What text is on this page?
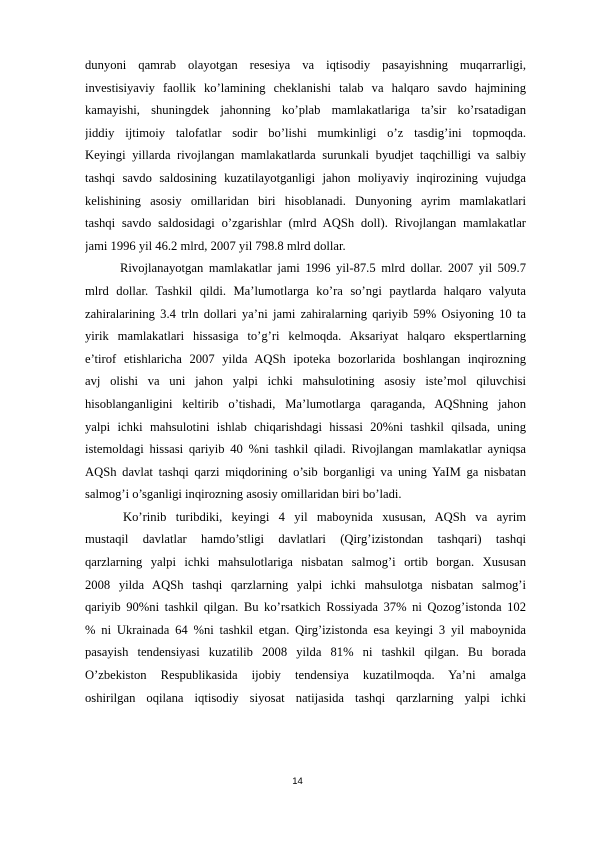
dunyoni qamrab olayotgan resesiya va iqtisodiy pasayishning muqarrarligi,
investisiyaviy faollik ko’lamining cheklanishi talab va halqaro savdo hajmining
kamayishi, shuningdek jahonning ko’plab mamlakatlariga ta’sir ko’rsatadigan
jiddiy ijtimoiy talofatlar sodir bo’lishi mumkinligi o’z tasdig’ini topmoqda.
Keyingi yillarda rivojlangan mamlakatlarda surunkali byudjet taqchilligi va salbiy
tashqi savdo saldosining kuzatilayotganligi jahon moliyaviy inqirozining vujudga
kelishining asosiy omillaridan biri hisoblanadi. Dunyoning ayrim mamlakatlari
tashqi savdo saldosidagi o’zgarishlar (mlrd AQSh doll). Rivojlangan mamlakatlar
jami 1996 yil 46.2 mlrd, 2007 yil 798.8 mlrd dollar.
Rivojlanayotgan mamlakatlar jami 1996 yil-87.5 mlrd dollar. 2007 yil 509.7
mlrd dollar. Tashkil qildi. Ma’lumotlarga ko’ra so’ngi paytlarda halqaro valyuta
zahiralarining 3.4 trln dollari ya’ni jami zahiralarning qariyib 59% Osiyoning 10 ta
yirik mamlakatlari hissasiga to’g’ri kelmoqda. Aksariyat halqaro ekspertlarning
e’tirof etishlaricha 2007 yilda AQSh ipoteka bozorlarida boshlangan inqirozning
avj olishi va uni jahon yalpi ichki mahsulotining asosiy iste’mol qiluvchisi
hisoblanganligini keltirib o’tishadi, Ma’lumotlarga qaraganda, AQShning jahon
yalpi ichki mahsulotini ishlab chiqarishdagi hissasi 20%ni tashkil qilsada, uning
istemoldagi hissasi qariyib 40 %ni tashkil qiladi. Rivojlangan mamlakatlar ayniqsa
AQSh davlat tashqi qarzi miqdorining o’sib borganligi va uning YaIM ga nisbatan
salmog’i o’sganligi inqirozning asosiy omillaridan biri bo’ladi.
Ko’rinib turibdiki, keyingi 4 yil maboynida xususan, AQSh va ayrim
mustaqil davlatlar hamdo’stligi davlatlari (Qirg’izistondan tashqari) tashqi
qarzlarning yalpi ichki mahsulotlariga nisbatan salmog’i ortib borgan. Xususan
2008 yilda AQSh tashqi qarzlarning yalpi ichki mahsulotga nisbatan salmog’i
qariyib 90%ni tashkil qilgan. Bu ko’rsatkich Rossiyada 37% ni Qozog’istonda 102
% ni Ukrainada 64 %ni tashkil etgan. Qirg’izistonda esa keyingi 3 yil maboynida
pasayish tendensiyasi kuzatilib 2008 yilda 81% ni tashkil qilgan. Bu borada
O’zbekiston Respublikasida ijobiy tendensiya kuzatilmoqda. Ya’ni amalga
oshirilgan oqilana iqtisodiy siyosat natijasida tashqi qarzlarning yalpi ichki
14
